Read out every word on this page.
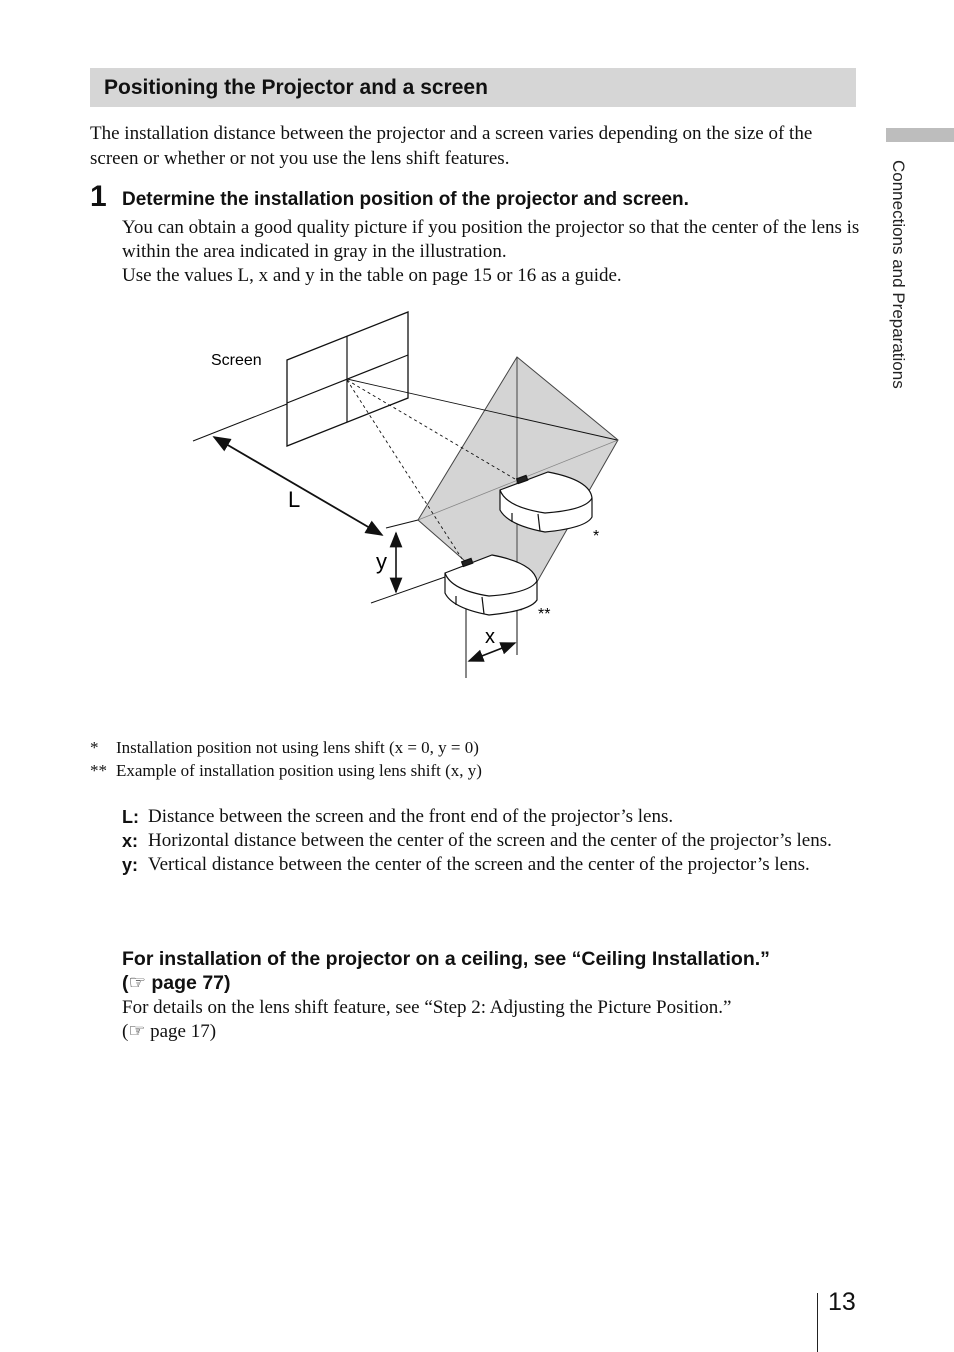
Positioning the Projector and a screen
The installation distance between the projector and a screen varies depending on the size of the screen or whether or not you use the lens shift features.
1 Determine the installation position of the projector and screen.

You can obtain a good quality picture if you position the projector so that the center of the lens is within the area indicated in gray in the illustration.

Use the values L, x and y in the table on page 15 or 16 as a guide.	Connections and Preparations
L
y
x
*
**
Screen
*	Installation position not using lens shift (x = 0, y = 0)
** Example of installation position using lens shift (x, y)
L: Distance between the screen and the front end of the projector’s lens.
x: Horizontal distance between the center of the screen and the center of the projector’s lens.
y: Vertical distance between the center of the screen and the center of the projector’s lens.
For installation of the projector on a ceiling, see “Ceiling Installation.”
(☞ page 77)
For details on the lens shift feature, see “Step 2: Adjusting the Picture Position.”
(☞ page 17)
13
